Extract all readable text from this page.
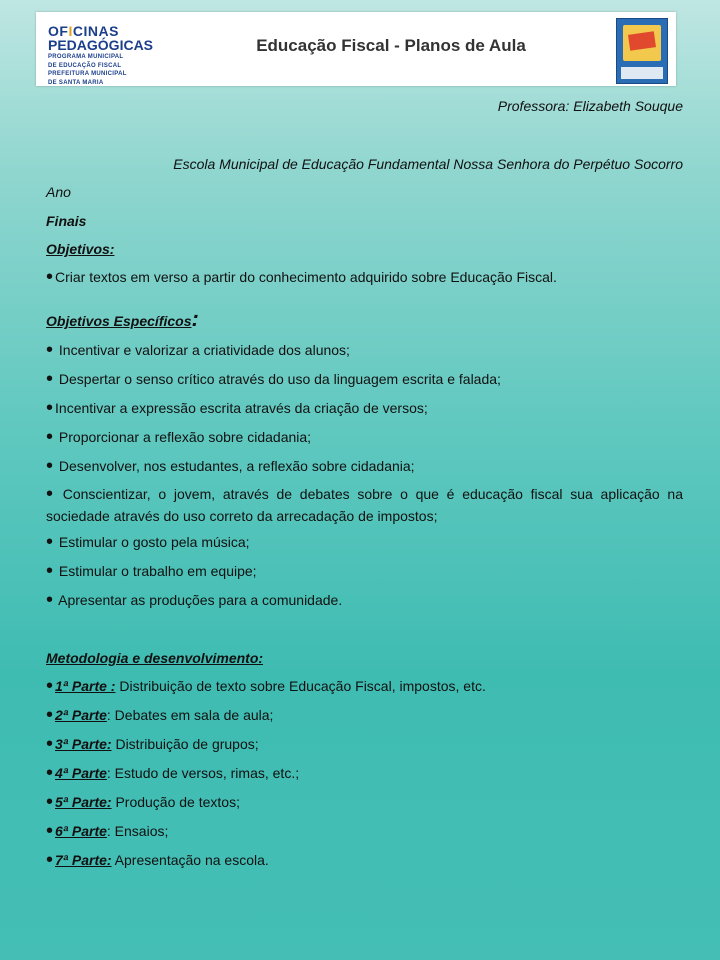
OFICINAS
PEDAGÓGICAS
PROGRAMA MUNICIPAL
DE EDUCAÇÃO FISCAL
PREFEITURA MUNICIPAL
DE SANTA MARIA
Educação Fiscal - Planos de Aula
Professora: Elizabeth Souque
Escola Municipal de Educação Fundamental Nossa Senhora do Perpétuo Socorro
Ano
Finais
Objetivos:
• Criar textos em verso a partir do conhecimento adquirido sobre Educação Fiscal.
Objetivos Específicos:
• Incentivar e valorizar a criatividade dos alunos;
• Despertar o senso crítico através do uso da linguagem escrita e falada;
• Incentivar a expressão escrita através da criação de versos;
• Proporcionar a reflexão sobre cidadania;
• Desenvolver, nos estudantes, a reflexão sobre cidadania;
• Conscientizar, o jovem, através de debates sobre o que é educação fiscal sua aplicação na sociedade através do uso correto da arrecadação de impostos;
• Estimular o gosto pela música;
• Estimular o trabalho em equipe;
• Apresentar as produções para a comunidade.
Metodologia e desenvolvimento:
• 1ª Parte : Distribuição de texto sobre Educação Fiscal, impostos, etc.
• 2ª Parte: Debates em sala de aula;
• 3ª Parte: Distribuição de grupos;
• 4ª Parte: Estudo de versos, rimas, etc.;
• 5ª Parte: Produção de textos;
• 6ª Parte: Ensaios;
• 7ª Parte: Apresentação na escola.
